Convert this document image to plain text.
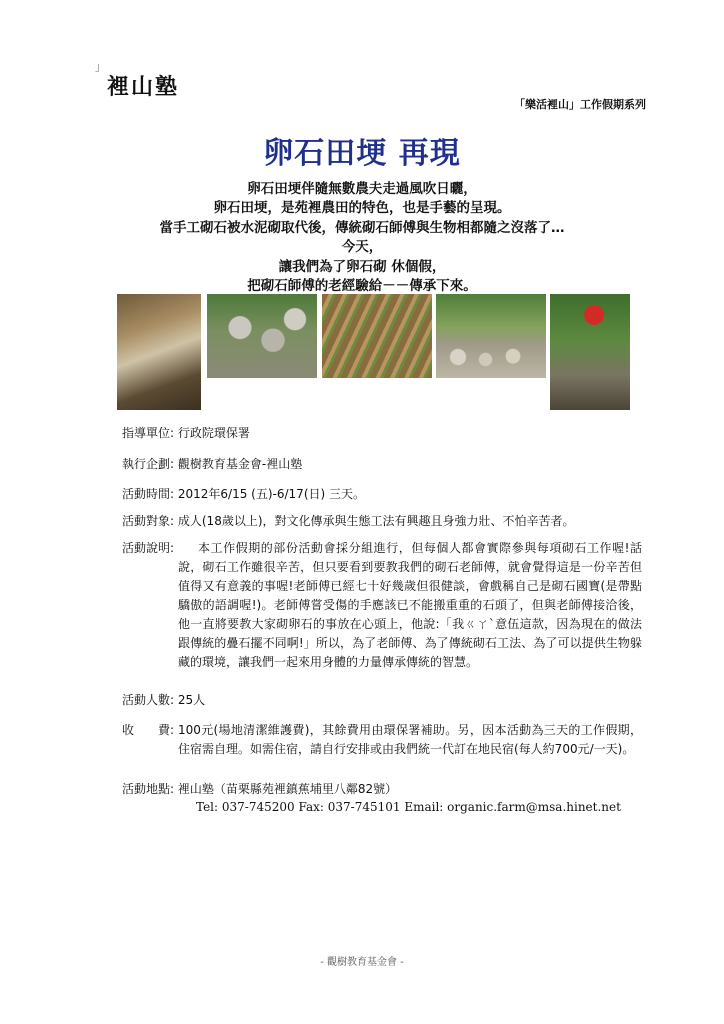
」
裡山塾
「樂活裡山」工作假期系列
卵石田埂 再現
卵石田埂伴隨無數農夫走過風吹日曬，
卵石田埂，是苑裡農田的特色，也是手藝的呈現。
當手工砌石被水泥砌取代後，傳統砌石師傅與生物相都隨之沒落了…
今天，
讓我們為了卵石砌 休個假，
把砌石師傅的老經驗給－－傳承下來。
指導單位: 行政院環保署
執行企劃: 觀樹教育基金會-裡山塾
活動時間: 2012年6/15 (五)-6/17(日) 三天。
活動對象: 成人(18歲以上)，對文化傳承與生態工法有興趣且身強力壯、不怕辛苦者。
活動說明:	本工作假期的部份活動會採分組進行，但每個人都會實際參與每項砌石工作喔!話說，砌石工作雖很辛苦，但只要看到要教我們的砌石老師傅，就會覺得這是一份辛苦但值得又有意義的事喔!老師傅已經七十好幾歲但很健談，會戲稱自己是砌石國寶(是帶點驕傲的語調喔!)。老師傅嘗受傷的手應該已不能搬重重的石頭了，但與老師傅接洽後，他一直將要教大家砌卵石的事放在心頭上，他說:「我ㄍㄚˋ意伍這款，因為現在的做法跟傳統的疊石擺不同啊!」所以，為了老師傅、為了傳統砌石工法、為了可以提供生物躲藏的環境，讓我們一起來用身體的力量傳承傳統的智慧。
活動人數: 25人
收　　費: 100元(場地清潔維護費)，其餘費用由環保署補助。另，因本活動為三天的工作假期，住宿需自理。如需住宿，請自行安排或由我們統一代訂在地民宿(每人約700元/一天)。
活動地點: 裡山塾（苗栗縣苑裡鎮蕉埔里八鄰82號）
Tel: 037-745200 Fax: 037-745101 Email: organic.farm@msa.hinet.net
- 觀樹教育基金會 -
